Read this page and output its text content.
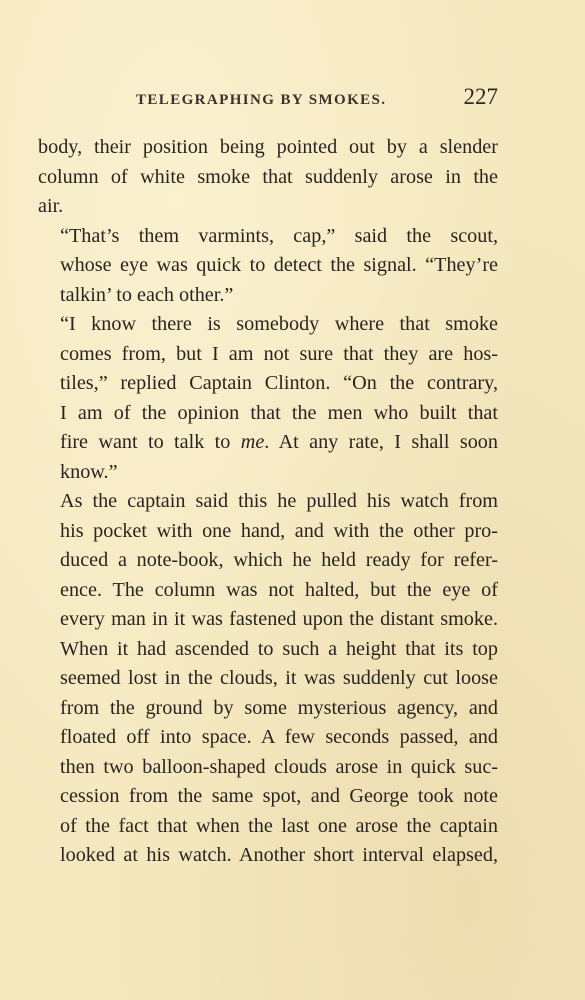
TELEGRAPHING BY SMOKES.	227

body, their position being pointed out by a slender
column of white smoke that suddenly arose in the
air.

“That’s them varmints, cap,” said the scout,
whose eye was quick to detect the signal. “They’re
talkin’ to each other.”

“I know there is somebody where that smoke
comes from, but I am not sure that they are hos-
tiles,” replied Captain Clinton. “On the contrary,
I am of the opinion that the men who built that
fire want to talk to me. At any rate, I shall soon
know.”

As the captain said this he pulled his watch from
his pocket with one hand, and with the other pro-
duced a note-book, which he held ready for refer-
ence. The column was not halted, but the eye of
every man in it was fastened upon the distant smoke.
When it had ascended to such a height that its top
seemed lost in the clouds, it was suddenly cut loose
from the ground by some mysterious agency, and
floated off into space. A few seconds passed, and
then two balloon-shaped clouds arose in quick suc-
cession from the same spot, and George took note
of the fact that when the last one arose the captain
looked at his watch. Another short interval elapsed,
